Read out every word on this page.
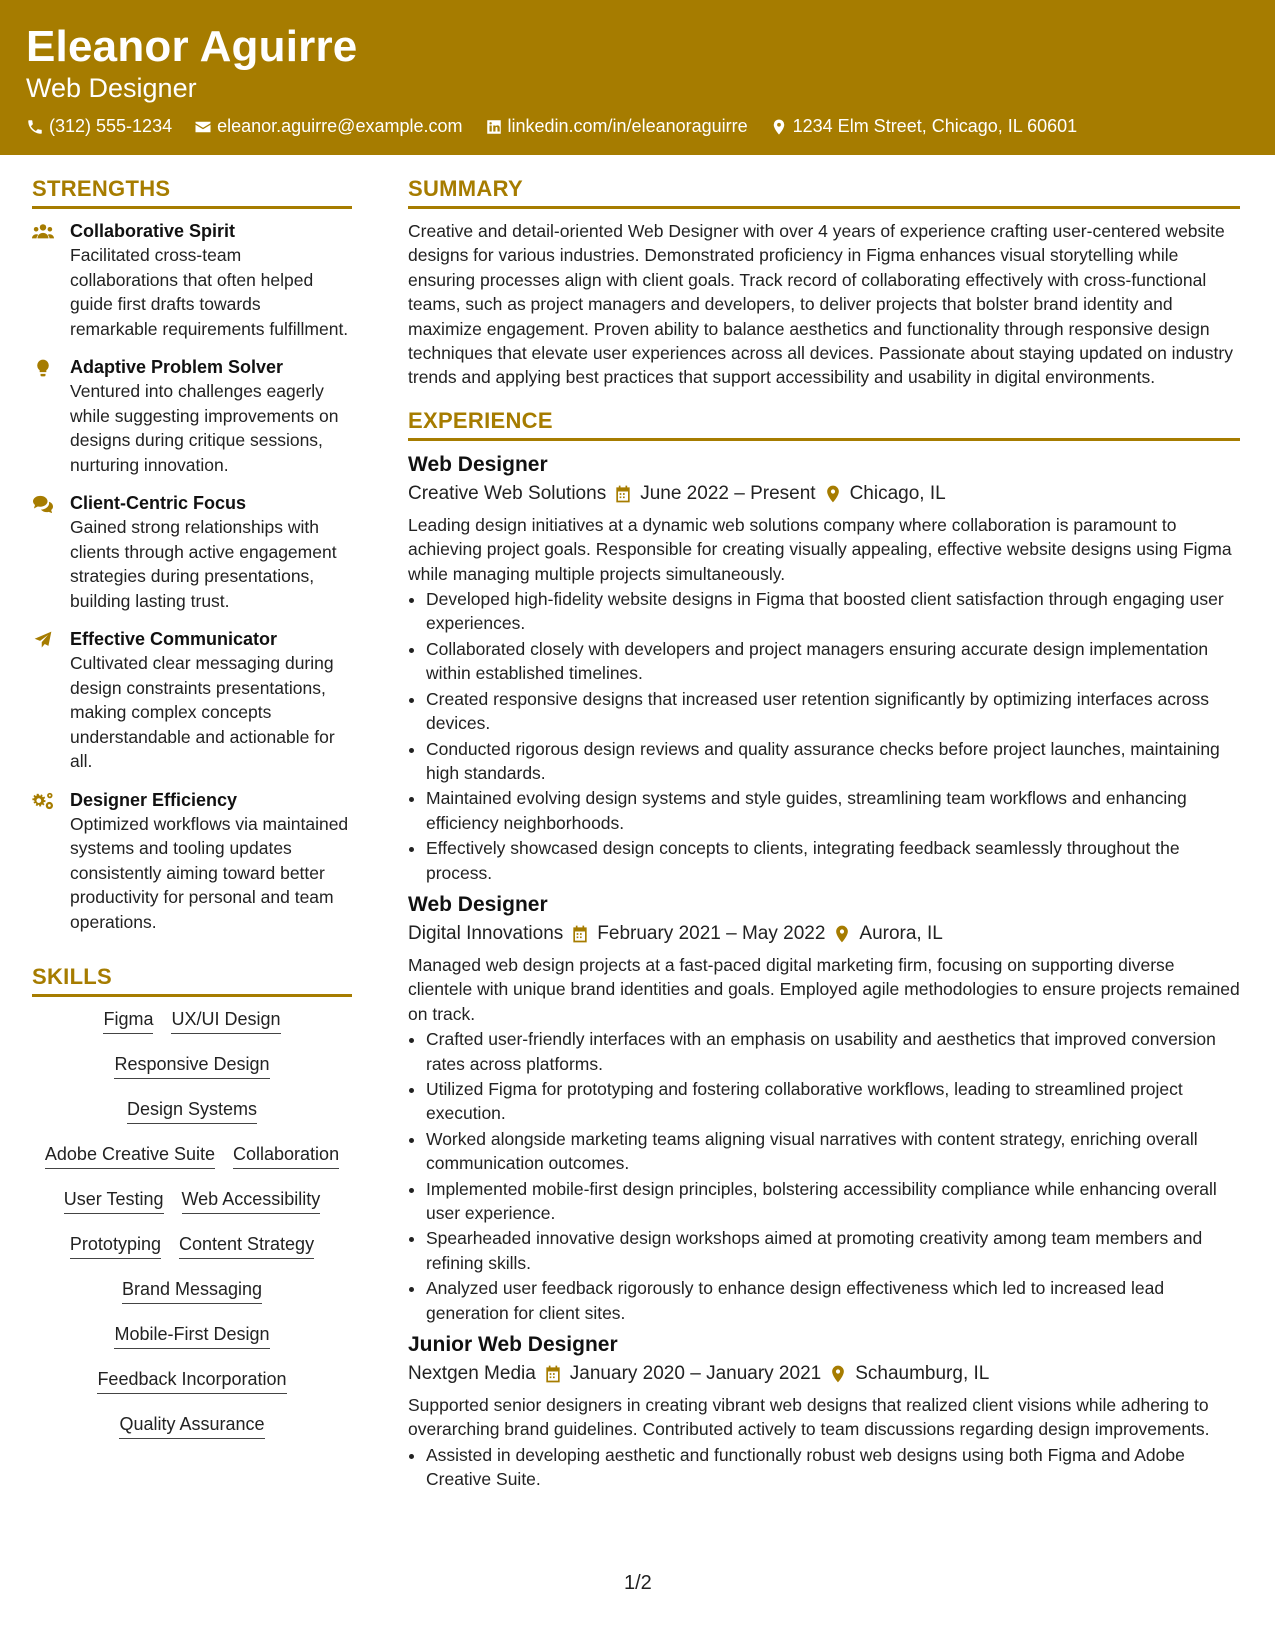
Eleanor Aguirre
Web Designer
(312) 555-1234	eleanor.aguirre@example.com	linkedin.com/in/eleanoraguirre	1234 Elm Street, Chicago, IL 60601
STRENGTHS
Collaborative Spirit
Facilitated cross-team collaborations that often helped guide first drafts towards remarkable requirements fulfillment.
Adaptive Problem Solver
Ventured into challenges eagerly while suggesting improvements on designs during critique sessions, nurturing innovation.
Client-Centric Focus
Gained strong relationships with clients through active engagement strategies during presentations, building lasting trust.
Effective Communicator
Cultivated clear messaging during design constraints presentations, making complex concepts understandable and actionable for all.
Designer Efficiency
Optimized workflows via maintained systems and tooling updates consistently aiming toward better productivity for personal and team operations.
SKILLS
Figma UX/UI Design
Responsive Design
Design Systems
Adobe Creative Suite Collaboration
User Testing Web Accessibility
Prototyping Content Strategy
Brand Messaging
Mobile-First Design
Feedback Incorporation
Quality Assurance
SUMMARY
Creative and detail-oriented Web Designer with over 4 years of experience crafting user-centered website designs for various industries. Demonstrated proficiency in Figma enhances visual storytelling while ensuring processes align with client goals. Track record of collaborating effectively with cross-functional teams, such as project managers and developers, to deliver projects that bolster brand identity and maximize engagement. Proven ability to balance aesthetics and functionality through responsive design techniques that elevate user experiences across all devices. Passionate about staying updated on industry trends and applying best practices that support accessibility and usability in digital environments.
EXPERIENCE
Web Designer
Creative Web Solutions June 2022 – Present Chicago, IL
Leading design initiatives at a dynamic web solutions company where collaboration is paramount to achieving project goals. Responsible for creating visually appealing, effective website designs using Figma while managing multiple projects simultaneously.
• Developed high-fidelity website designs in Figma that boosted client satisfaction through engaging user experiences.
• Collaborated closely with developers and project managers ensuring accurate design implementation within established timelines.
• Created responsive designs that increased user retention significantly by optimizing interfaces across devices.
• Conducted rigorous design reviews and quality assurance checks before project launches, maintaining high standards.
• Maintained evolving design systems and style guides, streamlining team workflows and enhancing efficiency neighborhoods.
• Effectively showcased design concepts to clients, integrating feedback seamlessly throughout the process.
Web Designer
Digital Innovations February 2021 – May 2022 Aurora, IL
Managed web design projects at a fast-paced digital marketing firm, focusing on supporting diverse clientele with unique brand identities and goals. Employed agile methodologies to ensure projects remained on track.
• Crafted user-friendly interfaces with an emphasis on usability and aesthetics that improved conversion rates across platforms.
• Utilized Figma for prototyping and fostering collaborative workflows, leading to streamlined project execution.
• Worked alongside marketing teams aligning visual narratives with content strategy, enriching overall communication outcomes.
• Implemented mobile-first design principles, bolstering accessibility compliance while enhancing overall user experience.
• Spearheaded innovative design workshops aimed at promoting creativity among team members and refining skills.
• Analyzed user feedback rigorously to enhance design effectiveness which led to increased lead generation for client sites.
Junior Web Designer
Nextgen Media January 2020 – January 2021 Schaumburg, IL
Supported senior designers in creating vibrant web designs that realized client visions while adhering to overarching brand guidelines. Contributed actively to team discussions regarding design improvements.
• Assisted in developing aesthetic and functionally robust web designs using both Figma and Adobe Creative Suite.
1/2
